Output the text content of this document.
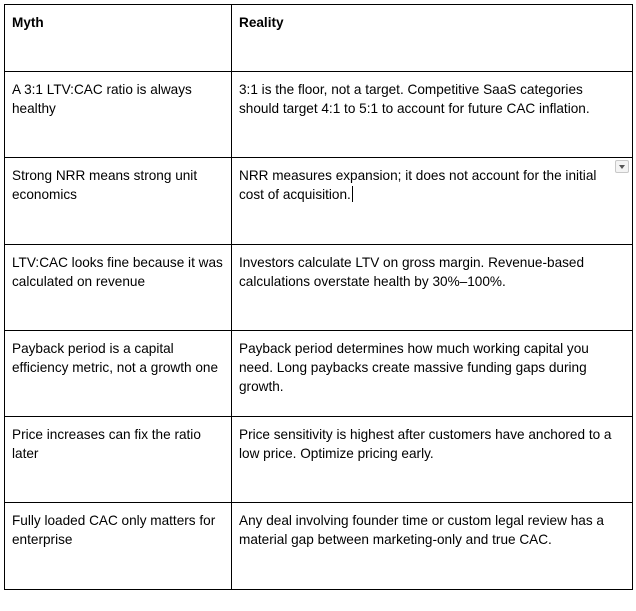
Myth	Reality
A 3:1 LTV:CAC ratio is always healthy	3:1 is the floor, not a target. Competitive SaaS categories should target 4:1 to 5:1 to account for future CAC inflation.
Strong NRR means strong unit economics	NRR measures expansion; it does not account for the initial cost of acquisition.

LTV:CAC looks fine because it was calculated on revenue	Investors calculate LTV on gross margin. Revenue-based calculations overstate health by 30%–100%.
Payback period is a capital efficiency metric, not a growth one	Payback period determines how much working capital you need. Long paybacks create massive funding gaps during growth.
Price increases can fix the ratio later	Price sensitivity is highest after customers have anchored to a low price. Optimize pricing early.
Fully loaded CAC only matters for enterprise	Any deal involving founder time or custom legal review has a material gap between marketing-only and true CAC.
